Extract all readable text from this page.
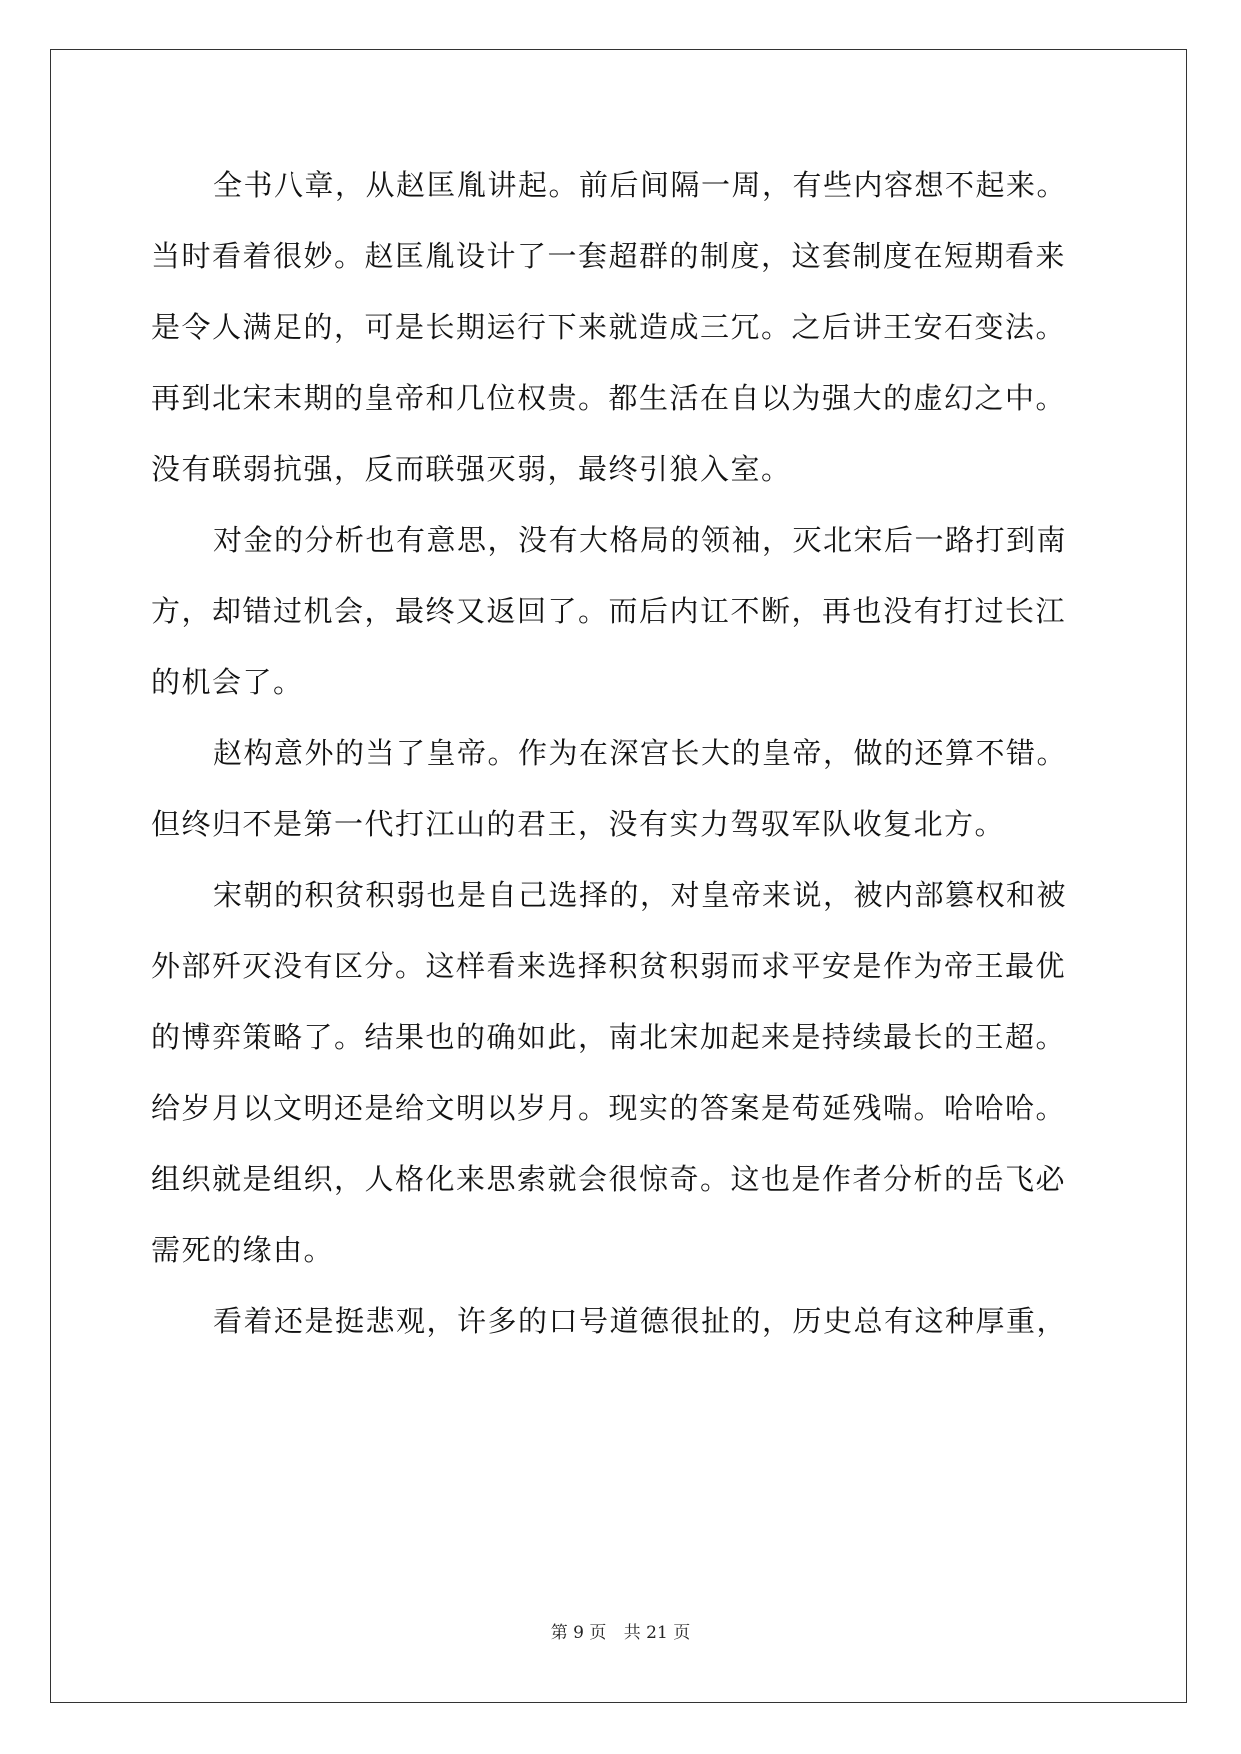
全书八章，从赵匡胤讲起。前后间隔一周，有些内容想不起来。
当时看着很妙。赵匡胤设计了一套超群的制度，这套制度在短期看来
是令人满足的，可是长期运行下来就造成三冗。之后讲王安石变法。
再到北宋末期的皇帝和几位权贵。都生活在自以为强大的虚幻之中。
没有联弱抗强，反而联强灭弱，最终引狼入室。
对金的分析也有意思，没有大格局的领袖，灭北宋后一路打到南
方，却错过机会，最终又返回了。而后内讧不断，再也没有打过长江
的机会了。
赵构意外的当了皇帝。作为在深宫长大的皇帝，做的还算不错。
但终归不是第一代打江山的君王，没有实力驾驭军队收复北方。
宋朝的积贫积弱也是自己选择的，对皇帝来说，被内部篡权和被
外部歼灭没有区分。这样看来选择积贫积弱而求平安是作为帝王最优
的博弈策略了。结果也的确如此，南北宋加起来是持续最长的王超。
给岁月以文明还是给文明以岁月。现实的答案是苟延残喘。哈哈哈。
组织就是组织，人格化来思索就会很惊奇。这也是作者分析的岳飞必
需死的缘由。
看着还是挺悲观，许多的口号道德很扯的，历史总有这种厚重，
第 9 页 共 21 页
